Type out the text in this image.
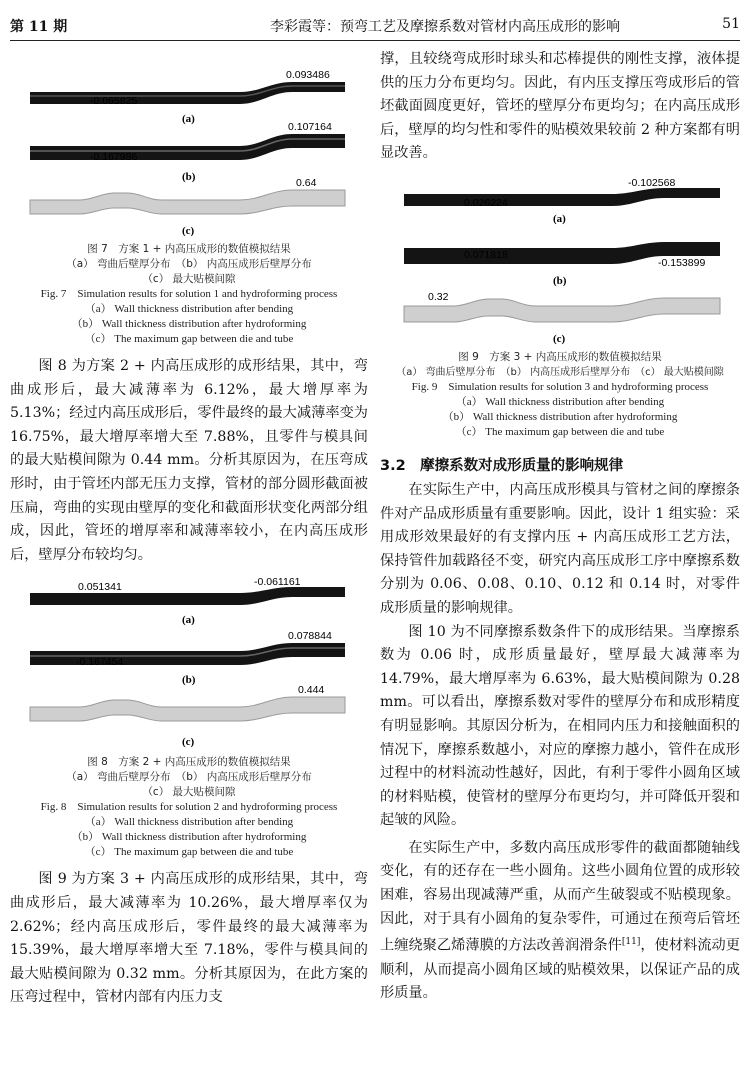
第 11 期	李彩霞等：预弯工艺及摩擦系数对管材内高压成形的影响	51
-0.065825
0.093486
(a)
-0.167986
0.107164
(b)	0.64
(c)
图 7　方案 1 + 内高压成形的数值模拟结果
（a） 弯曲后壁厚分布　（b） 内高压成形后壁厚分布
（c） 最大贴模间隙
Fig. 7　Simulation results for solution 1 and hydroforming process
（a） Wall thickness distribution after bending
（b） Wall thickness distribution after hydroforming
（c） The maximum gap between die and tube

图 8 为方案 2 + 内高压成形的成形结果，其中，弯曲成形后，最大减薄率为 6.12%，最大增厚率为 5.13%；经过内高压成形后，零件最终的最大减薄率变为 16.75%，最大增厚率增大至 7.88%，且零件与模具间的最大贴模间隙为 0.44 mm。分析其原因为，在压弯成形时，由于管坯内部无压力支撑，管材的部分圆形截面被压扁，弯曲的实现由壁厚的变化和截面形状变化两部分组成，因此，管坯的增厚率和减薄率较小，在内高压成形后，壁厚分布较均匀。

0.051341	-0.061161
(a)
-0.167454
0.078844
(b)
0.444
(c)
图 8　方案 2 + 内高压成形的数值模拟结果
（a） 弯曲后壁厚分布　（b） 内高压成形后壁厚分布
（c） 最大贴模间隙
Fig. 8　Simulation results for solution 2 and hydroforming process
（a） Wall thickness distribution after bending
（b） Wall thickness distribution after hydroforming
（c） The maximum gap between die and tube

图 9 为方案 3 + 内高压成形的成形结果，其中，弯曲成形后，最大减薄率为 10.26%，最大增厚率仅为 2.62%；经内高压成形后，零件最终的最大减薄率为 15.39%，最大增厚率增大至 7.18%，零件与模具间的最大贴模间隙为 0.32 mm。分析其原因为，在此方案的压弯过程中，管材内部有内压力支

撑，且较绕弯成形时球头和芯棒提供的刚性支撑，液体提供的压力分布更均匀。因此，有内压支撑压弯成形后的管坯截面圆度更好，管坯的壁厚分布更均匀；在内高压成形后，壁厚的均匀性和零件的贴模效果较前 2 种方案都有明显改善。

0.026224
-0.102568
(a)
0.071818
-0.153899
(b)
0.32
(c)
图 9　方案 3 + 内高压成形的数值模拟结果
（a） 弯曲后壁厚分布　（b） 内高压成形后壁厚分布　（c） 最大贴模间隙
Fig. 9　Simulation results for solution 3 and hydroforming process
（a） Wall thickness distribution after bending
（b） Wall thickness distribution after hydroforming
（c） The maximum gap between die and tube
3.2　摩擦系数对成形质量的影响规律

在实际生产中，内高压成形模具与管材之间的摩擦条件对产品成形质量有重要影响。因此，设计 1 组实验：采用成形效果最好的有支撑内压 + 内高压成形工艺方法，保持管件加载路径不变，研究内高压成形工序中摩擦系数分别为 0.06、0.08、0.10、0.12 和 0.14 时，对零件成形质量的影响规律。

图 10 为不同摩擦系数条件下的成形结果。当摩擦系数为 0.06 时，成形质量最好，壁厚最大减薄率为 14.79%，最大增厚率为 6.63%，最大贴模间隙为 0.28 mm。可以看出，摩擦系数对零件的壁厚分布和成形精度有明显影响。其原因分析为，在相同内压力和接触面积的情况下，摩擦系数越小，对应的摩擦力越小，管件在成形过程中的材料流动性越好，因此，有利于零件小圆角区域的材料贴模，使管材的壁厚分布更均匀，并可降低开裂和起皱的风险。

在实际生产中，多数内高压成形零件的截面都随轴线变化，有的还存在一些小圆角。这些小圆角位置的成形较困难，容易出现减薄严重，从而产生破裂或不贴模现象。因此，对于具有小圆角的复杂零件，可通过在预弯后管坯上缠绕聚乙烯薄膜的方法改善润滑条件[11]，使材料流动更顺利，从而提高小圆角区域的贴模效果，以保证产品的成形质量。
